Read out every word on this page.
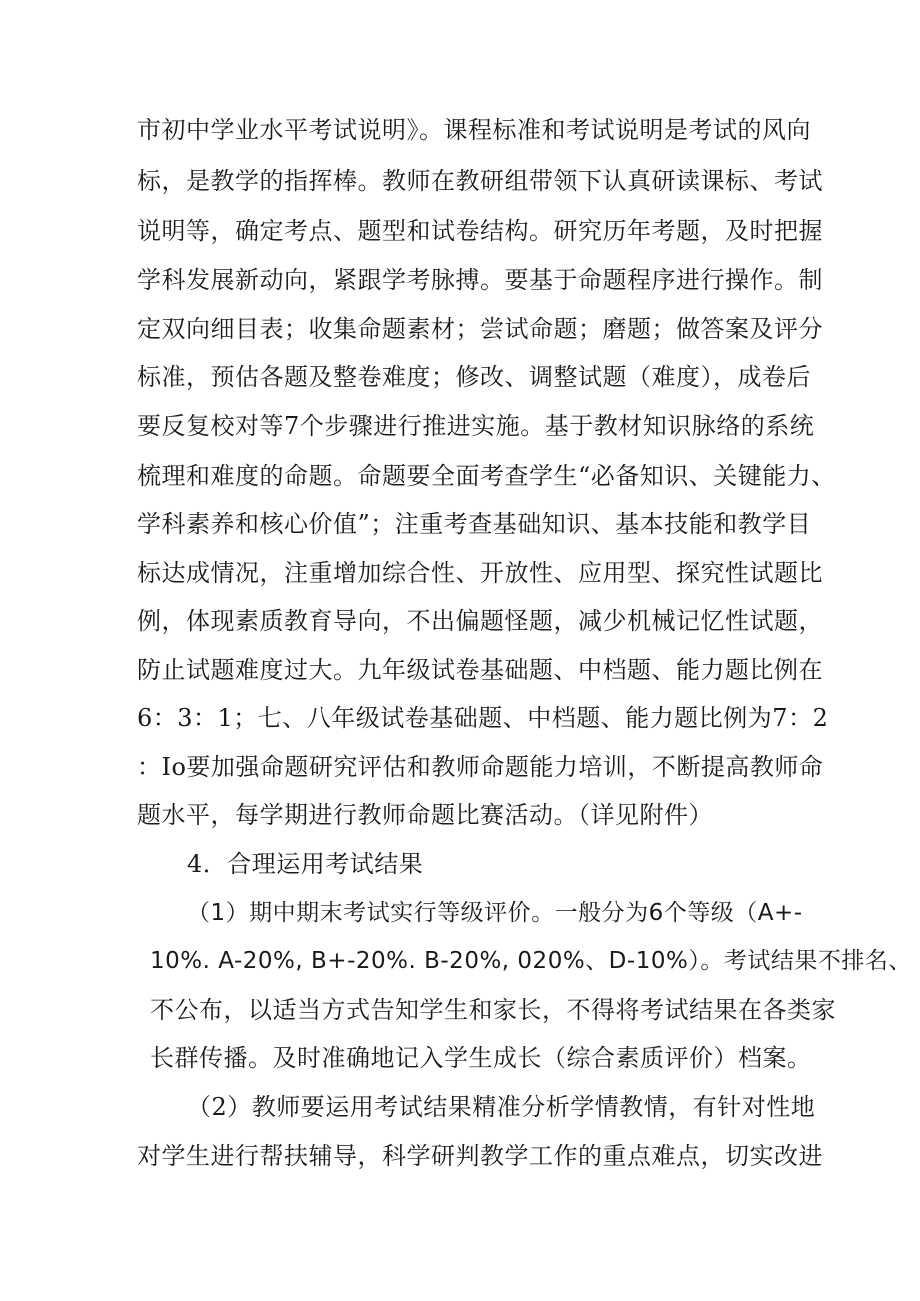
市初中学业水平考试说明》。课程标准和考试说明是考试的风向
标，是教学的指挥棒。教师在教研组带领下认真研读课标、考试
说明等，确定考点、题型和试卷结构。研究历年考题，及时把握
学科发展新动向，紧跟学考脉搏。要基于命题程序进行操作。制
定双向细目表；收集命题素材；尝试命题；磨题；做答案及评分
标准，预估各题及整卷难度；修改、调整试题（难度），成卷后
要反复校对等7个步骤进行推进实施。基于教材知识脉络的系统
梳理和难度的命题。命题要全面考查学生“必备知识、关键能力、
学科素养和核心价值”；注重考查基础知识、基本技能和教学目
标达成情况，注重增加综合性、开放性、应用型、探究性试题比
例，体现素质教育导向，不出偏题怪题，减少机械记忆性试题，
防止试题难度过大。九年级试卷基础题、中档题、能力题比例在
6：3：1；七、八年级试卷基础题、中档题、能力题比例为7：2
：Io要加强命题研究评估和教师命题能力培训，不断提高教师命
题水平，每学期进行教师命题比赛活动。（详见附件）
4．合理运用考试结果
（1）期中期末考试实行等级评价。一般分为6个等级（A+-
10%. A-20%, B+-20%. B-20%, 020%、D-10%）。考试结果不排名、
不公布，以适当方式告知学生和家长，不得将考试结果在各类家
长群传播。及时准确地记入学生成长（综合素质评价）档案。
（2）教师要运用考试结果精准分析学情教情，有针对性地
对学生进行帮扶辅导，科学研判教学工作的重点难点，切实改进
